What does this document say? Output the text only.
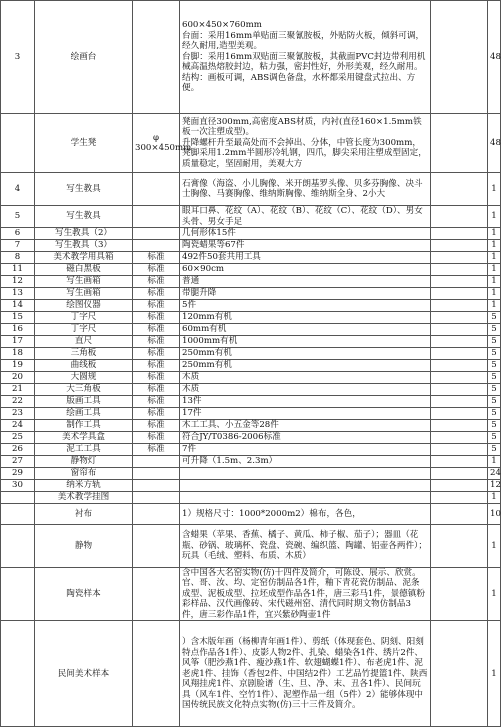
3	绘画台		600×450×760mm
台面：采用16mm单贴面三聚氰胺板，外贴防火板，倾斜可调，经久耐用,造型美观。
台脚：采用16mm双贴面三聚氰胺板，其截面PVC封边带利用机械高温热熔胶封边，粘力强，密封性好，外形美观，经久耐用。
结构：画板可调，ABS调色备盘，水杯都采用键盘式拉出、方便。		48
	学生凳	φ 300×450mm	凳面直径300mm,高密度ABS材质，内衬(直径160×1.5mm铁板一次注塑成型)。
升降螺杆升至最高处而不会掉出、分体，中管长度为300mm，凳脚采用1.2mm半圆形冷轧钢，四爪，脚尖采用注塑成型固定，质量稳定，坚固耐用，美观大方		48
4	写生教具		石膏像（海盗、小儿胸像、米开朗基罗头像、贝多芬胸像、决斗士胸像、马赛胸像、维纳斯胸像、维纳斯全身、2小大		1
5	写生教具		眼耳口鼻、花纹（A）、花纹（B）、花纹（C）、花纹（D）、男女头骨、男女手足		1
6	写生教具（2）		几何形体15件		1
7	写生教具（3）		陶瓷蜡果等67件		1
8	美术教学用具箱	标准	492件50套共用工具		1
11	磁白黑板	标准	60×90cm		1
12	写生画箱	标准	普通		1
13	写生画箱	标准	带腿升降		1
14	绘图仪器	标准	5件		1
15	丁字尺	标准	120mm有机		5
16	丁字尺	标准	60mm有机		5
17	直尺	标准	1000mm有机		5
18	三角板	标准	250mm有机		5
19	曲线板	标准	250mm有机		5
20	大圆规	标准	木质		5
21	大三角板	标准	木质		5
22	版画工具	标准	13件		5
23	绘画工具	标准	17件		5
24	制作工具	标准	木工工具、小五金等28件		5
25	美术学具盒	标准	符合JY/T0386-2006标准		5
26	泥工工具	标准	7件		5
27	静物灯		可升降（1.5m、2.3m）		1
29	窗帘布				24
30	纳米方轨				12
	美术教学挂图				1
	衬布		1）规格尺寸：1000*2000m2）棉布，各色，		10
	静物		含蜡果（苹果、香蕉、橘子、黄瓜、柿子椒、茄子）；器皿（花瓶、砂锅、玻璃杯、瓷盘、瓷碗、编织篮、陶罐、铝壶各两件）；玩具（毛绒、塑料、布质、木质）		1
	陶瓷样本		含中国各大名窑实物(仿)十四件及简介，可陈设、展示、欣赏。官、哥、汝、均、定窑仿制品各1件，釉下青花瓷仿制品、泥条成型、泥板成型、拉坯成型作品各1件，唐三彩马1件，景德镇粉彩样品、汉代画像砖、宋代磁州窑、清代同时期文物仿制品3件，唐三彩作品1件，宜兴紫砂陶壶1件		1
	民间美术样本		）含木版年画（杨柳青年画1件）、剪纸（体现套色、阴刻、阳刻特点作品各1件）、皮影人物2件、扎染、蜡染各1件、绣片2件、风筝（肥沙燕1件、瘦沙燕1件、软翅蝴蝶1件）、布老虎1件、泥老虎1件、挂饰（香包2件、中国结2件）工艺品竹提篮1件、陕西风翔挂虎1件、京剧脸谱（生、旦、净、末、丑各1件）、民间玩具（风车1件、空竹1件）、泥塑作品一组（5件）2）能够体现中国传统民族文化特点实物(仿)三十三件及简介。		1
